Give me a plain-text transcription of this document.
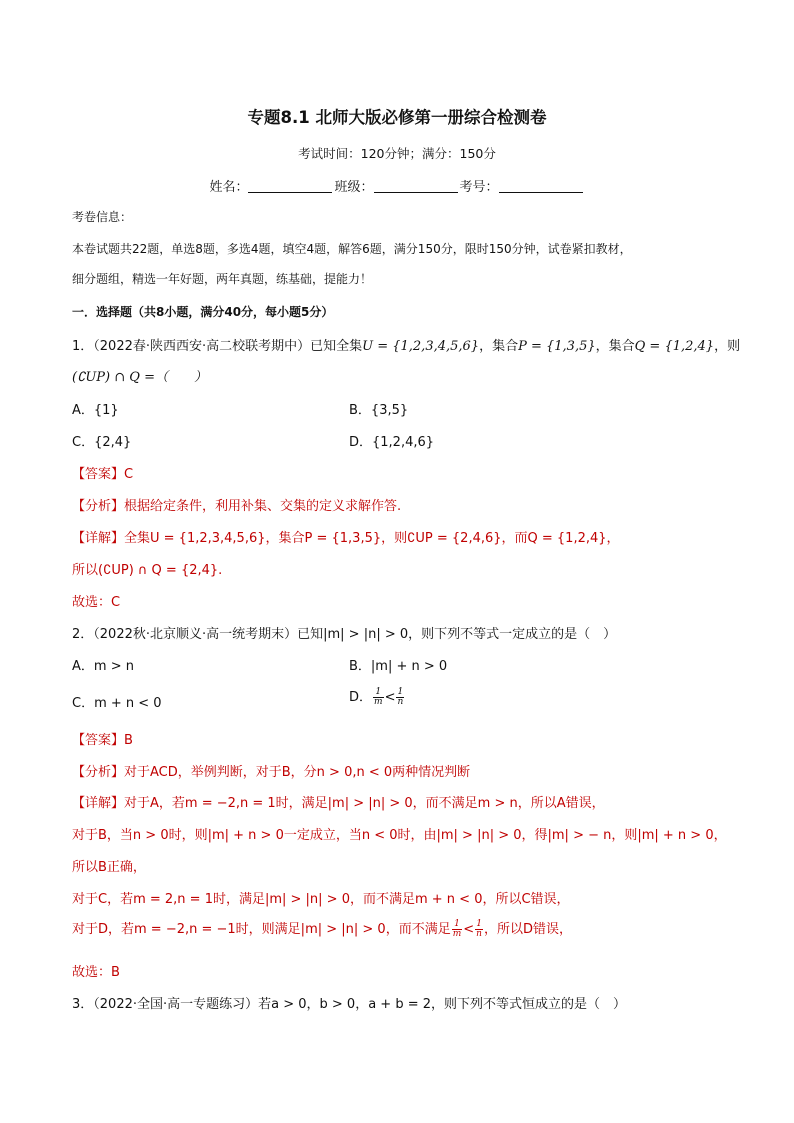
专题8.1 北师大版必修第一册综合检测卷
考试时间：120分钟；满分：150分
姓名：	班级：	考号：
考卷信息：
本卷试题共22题，单选8题，多选4题，填空4题，解答6题，满分150分，限时150分钟，试卷紧扣教材，
细分题组，精选一年好题，两年真题，练基础，提能力！
一．选择题（共8小题，满分40分，每小题5分）
1．（2022春·陕西西安·高二校联考期中）已知全集U = {1,2,3,4,5,6}，集合P = {1,3,5}，集合Q = {1,2,4}，则
(∁UP) ∩ Q =（　　）
A．{1}	B．{3,5}
C．{2,4}	D．{1,2,4,6}
【答案】C
【分析】根据给定条件，利用补集、交集的定义求解作答.
【详解】全集U = {1,2,3,4,5,6}，集合P = {1,3,5}，则∁UP = {2,4,6}，而Q = {1,2,4}，
所以(∁UP) ∩ Q = {2,4}.
故选：C
2．（2022秋·北京顺义·高一统考期末）已知|m| > |n| > 0，则下列不等式一定成立的是（　）
A．m > n	B．|m| + n > 0
C．m + n < 0	D． $\frac{1}{m} < \frac{1}{n}$
【答案】B
【分析】对于ACD，举例判断，对于B，分n > 0,n < 0两种情况判断
【详解】对于A，若m = −2,n = 1时，满足|m| > |n| > 0，而不满足m > n，所以A错误，
对于B，当n > 0时，则|m| + n > 0一定成立，当n < 0时，由|m| > |n| > 0，得|m| > − n，则|m| + n > 0，
所以B正确，
对于C，若m = 2,n = 1时，满足|m| > |n| > 0，而不满足m + n < 0，所以C错误，
对于D，若m = −2,n = −1时，则满足|m| > |n| > 0，而不满足 $\frac{1}{m} < \frac{1}{n}$ ，所以D错误，
故选：B
3．（2022·全国·高一专题练习）若a > 0，b > 0，a + b = 2，则下列不等式恒成立的是（　）
